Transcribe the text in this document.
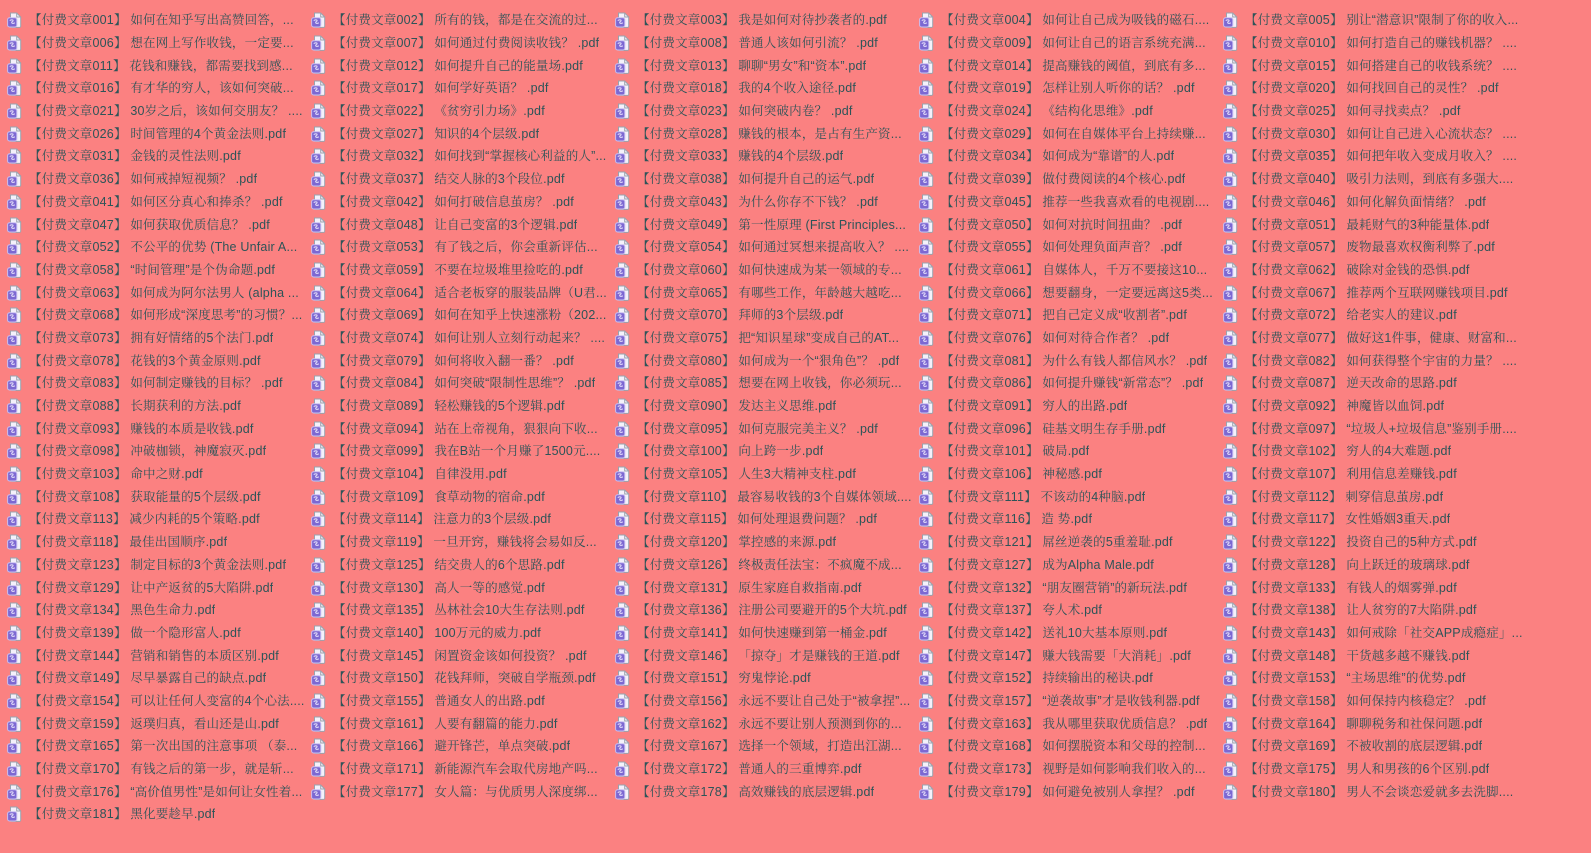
【付费文章001】 如何在知乎写出高赞回答，...	【付费文章002】 所有的钱，都是在交流的过...	【付费文章003】 我是如何对待抄袭者的.pdf	【付费文章004】 如何让自己成为吸钱的磁石....	【付费文章005】 别让“潜意识”限制了你的收入...
【付费文章006】 想在网上写作收钱，一定要...	【付费文章007】 如何通过付费阅读收钱？ .pdf	【付费文章008】 普通人该如何引流？ .pdf	【付费文章009】 如何让自己的语言系统充满...	【付费文章010】 如何打造自己的赚钱机器？ ....
【付费文章011】 花钱和赚钱，都需要找到感...	【付费文章012】 如何提升自己的能量场.pdf	【付费文章013】 聊聊“男女”和“资本”.pdf	【付费文章014】 提高赚钱的阈值，到底有多...	【付费文章015】 如何搭建自己的收钱系统？ ....
【付费文章016】 有才华的穷人，该如何突破...	【付费文章017】 如何学好英语？ .pdf	【付费文章018】 我的4个收入途径.pdf	【付费文章019】 怎样让别人听你的话？ .pdf	【付费文章020】 如何找回自己的灵性？ .pdf
【付费文章021】 30岁之后，该如何交朋友？ .... 【付费文章022】 《贫穷引力场》.pdf	【付费文章023】 如何突破内卷？ .pdf	【付费文章024】 《结构化思维》.pdf	【付费文章025】 如何寻找卖点？ .pdf
【付费文章026】 时间管理的4个黄金法则.pdf	【付费文章027】 知识的4个层级.pdf	【付费文章028】 赚钱的根本，是占有生产资...	【付费文章029】 如何在自媒体平台上持续赚...	【付费文章030】 如何让自己进入心流状态？ ....
【付费文章031】 金钱的灵性法则.pdf	【付费文章032】 如何找到“掌握核心利益的人”... 【付费文章033】 赚钱的4个层级.pdf	【付费文章034】 如何成为“靠谱”的人.pdf	【付费文章035】 如何把年收入变成月收入？ ....
【付费文章036】 如何戒掉短视频？ .pdf	【付费文章037】 结交人脉的3个段位.pdf	【付费文章038】 如何提升自己的运气.pdf	【付费文章039】 做付费阅读的4个核心.pdf	【付费文章040】 吸引力法则，到底有多强大....
【付费文章041】 如何区分真心和捧杀？ .pdf	【付费文章042】 如何打破信息茧房？ .pdf	【付费文章043】 为什么你存不下钱？ .pdf	【付费文章045】 推荐一些我喜欢看的电视剧....	【付费文章046】 如何化解负面情绪？ .pdf
【付费文章047】 如何获取优质信息？ .pdf	【付费文章048】 让自己变富的3个逻辑.pdf	【付费文章049】 第一性原理 (First Principles...	【付费文章050】 如何对抗时间扭曲？ .pdf	【付费文章051】 最耗财气的3种能量体.pdf
【付费文章052】 不公平的优势 (The Unfair A...	【付费文章053】 有了钱之后，你会重新评估...	【付费文章054】 如何通过冥想来提高收入？ ....	【付费文章055】 如何处理负面声音？ .pdf	【付费文章057】 废物最喜欢权衡利弊了.pdf
【付费文章058】 “时间管理”是个伪命题.pdf	【付费文章059】 不要在垃圾堆里捡吃的.pdf	【付费文章060】 如何快速成为某一领域的专...	【付费文章061】 自媒体人，千万不要接这10...	【付费文章062】 破除对金钱的恐惧.pdf
【付费文章063】 如何成为阿尔法男人 (alpha ...	【付费文章064】 适合老板穿的服装品牌（U君... 【付费文章065】 有哪些工作，年龄越大越吃...	【付费文章066】 想要翻身，一定要远离这5类...	【付费文章067】 推荐两个互联网赚钱项目.pdf
【付费文章068】 如何形成“深度思考”的习惯？... 【付费文章069】 如何在知乎上快速涨粉（202... 【付费文章070】 拜师的3个层级.pdf	【付费文章071】 把自己定义成“收割者”.pdf	【付费文章072】 给老实人的建议.pdf
【付费文章073】 拥有好情绪的5个法门.pdf	【付费文章074】 如何让别人立刻行动起来？ ....	【付费文章075】 把“知识星球”变成自己的AT...	【付费文章076】 如何对待合作者？ .pdf	【付费文章077】 做好这1件事，健康、财富和...
【付费文章078】 花钱的3个黄金原则.pdf	【付费文章079】 如何将收入翻一番？ .pdf	【付费文章080】 如何成为一个“狠角色”？ .pdf	【付费文章081】 为什么有钱人都信风水？ .pdf	【付费文章082】 如何获得整个宇宙的力量？ ....
【付费文章083】 如何制定赚钱的目标？ .pdf	【付费文章084】 如何突破“限制性思维”？ .pdf	【付费文章085】 想要在网上收钱，你必须玩...	【付费文章086】 如何提升赚钱“新常态”？ .pdf	【付费文章087】 逆天改命的思路.pdf
【付费文章088】 长期获利的方法.pdf	【付费文章089】 轻松赚钱的5个逻辑.pdf	【付费文章090】 发达主义思维.pdf	【付费文章091】 穷人的出路.pdf	【付费文章092】 神魔皆以血饲.pdf
【付费文章093】 赚钱的本质是收钱.pdf	【付费文章094】 站在上帝视角，狠狠向下收...	【付费文章095】 如何克服完美主义？ .pdf	【付费文章096】 硅基文明生存手册.pdf	【付费文章097】 “垃圾人+垃圾信息”鉴别手册....
【付费文章098】 冲破枷锁，神魔寂灭.pdf	【付费文章099】 我在B站一个月赚了1500元....	【付费文章100】 向上跨一步.pdf	【付费文章101】 破局.pdf	【付费文章102】 穷人的4大难题.pdf
【付费文章103】 命中之财.pdf	【付费文章104】 自律没用.pdf	【付费文章105】 人生3大精神支柱.pdf	【付费文章106】 神秘感.pdf	【付费文章107】 利用信息差赚钱.pdf
【付费文章108】 获取能量的5个层级.pdf	【付费文章109】 食草动物的宿命.pdf	【付费文章110】 最容易收钱的3个自媒体领域.... 【付费文章111】 不该动的4种脑.pdf	【付费文章112】 刺穿信息茧房.pdf
【付费文章113】 减少内耗的5个策略.pdf	【付费文章114】 注意力的3个层级.pdf	【付费文章115】 如何处理退费问题？ .pdf	【付费文章116】 造 势.pdf	【付费文章117】 女性婚姻3重天.pdf
【付费文章118】 最佳出国顺序.pdf	【付费文章119】 一旦开窍，赚钱将会易如反...	【付费文章120】 掌控感的来源.pdf	【付费文章121】 屌丝逆袭的5重羞耻.pdf	【付费文章122】 投资自己的5种方式.pdf
【付费文章123】 制定目标的3个黄金法则.pdf	【付费文章125】 结交贵人的6个思路.pdf	【付费文章126】 终极责任法宝：不疯魔不成...	【付费文章127】 成为Alpha Male.pdf	【付费文章128】 向上跃迁的玻璃球.pdf
【付费文章129】 让中产返贫的5大陷阱.pdf	【付费文章130】 高人一等的感觉.pdf	【付费文章131】 原生家庭自救指南.pdf	【付费文章132】 “朋友圈营销”的新玩法.pdf	【付费文章133】 有钱人的烟雾弹.pdf
【付费文章134】 黑色生命力.pdf	【付费文章135】 丛林社会10大生存法则.pdf	【付费文章136】 注册公司要避开的5个大坑.pdf	【付费文章137】 夸人术.pdf	【付费文章138】 让人贫穷的7大陷阱.pdf
【付费文章139】 做一个隐形富人.pdf	【付费文章140】 100万元的威力.pdf	【付费文章141】 如何快速赚到第一桶金.pdf	【付费文章142】 送礼10大基本原则.pdf	【付费文章143】 如何戒除「社交APP成瘾症」...
【付费文章144】 营销和销售的本质区别.pdf	【付费文章145】 闲置资金该如何投资？ .pdf	【付费文章146】 「掠夺」才是赚钱的王道.pdf	【付费文章147】 赚大钱需要「大消耗」.pdf	【付费文章148】 干货越多越不赚钱.pdf
【付费文章149】 尽早暴露自己的缺点.pdf	【付费文章150】 花钱拜师，突破自学瓶颈.pdf	【付费文章151】 穷鬼悖论.pdf	【付费文章152】 持续输出的秘诀.pdf	【付费文章153】 “主场思维”的优势.pdf
【付费文章154】 可以让任何人变富的4个心法.... 【付费文章155】 普通女人的出路.pdf	【付费文章156】 永远不要让自己处于“被拿捏”... 【付费文章157】 “逆袭故事”才是收钱利器.pdf	【付费文章158】 如何保持内核稳定？ .pdf
【付费文章159】 返璞归真，看山还是山.pdf	【付费文章161】 人要有翻篇的能力.pdf	【付费文章162】 永远不要让别人预测到你的...	【付费文章163】 我从哪里获取优质信息？ .pdf	【付费文章164】 聊聊税务和社保问题.pdf
【付费文章165】 第一次出国的注意事项 （泰...	【付费文章166】 避开锋芒，单点突破.pdf	【付费文章167】 选择一个领域，打造出江湖...	【付费文章168】 如何摆脱资本和父母的控制...	【付费文章169】 不被收割的底层逻辑.pdf
【付费文章170】 有钱之后的第一步，就是斩...	【付费文章171】 新能源汽车会取代房地产吗...	【付费文章172】 普通人的三重博弈.pdf	【付费文章173】 视野是如何影响我们收入的...	【付费文章175】 男人和男孩的6个区别.pdf
【付费文章176】 “高价值男性”是如何让女性着... 【付费文章177】 女人篇：与优质男人深度绑...	【付费文章178】 高效赚钱的底层逻辑.pdf	【付费文章179】 如何避免被别人拿捏？ .pdf	【付费文章180】 男人不会谈恋爱就多去洗脚....
【付费文章181】 黑化要趁早.pdf
